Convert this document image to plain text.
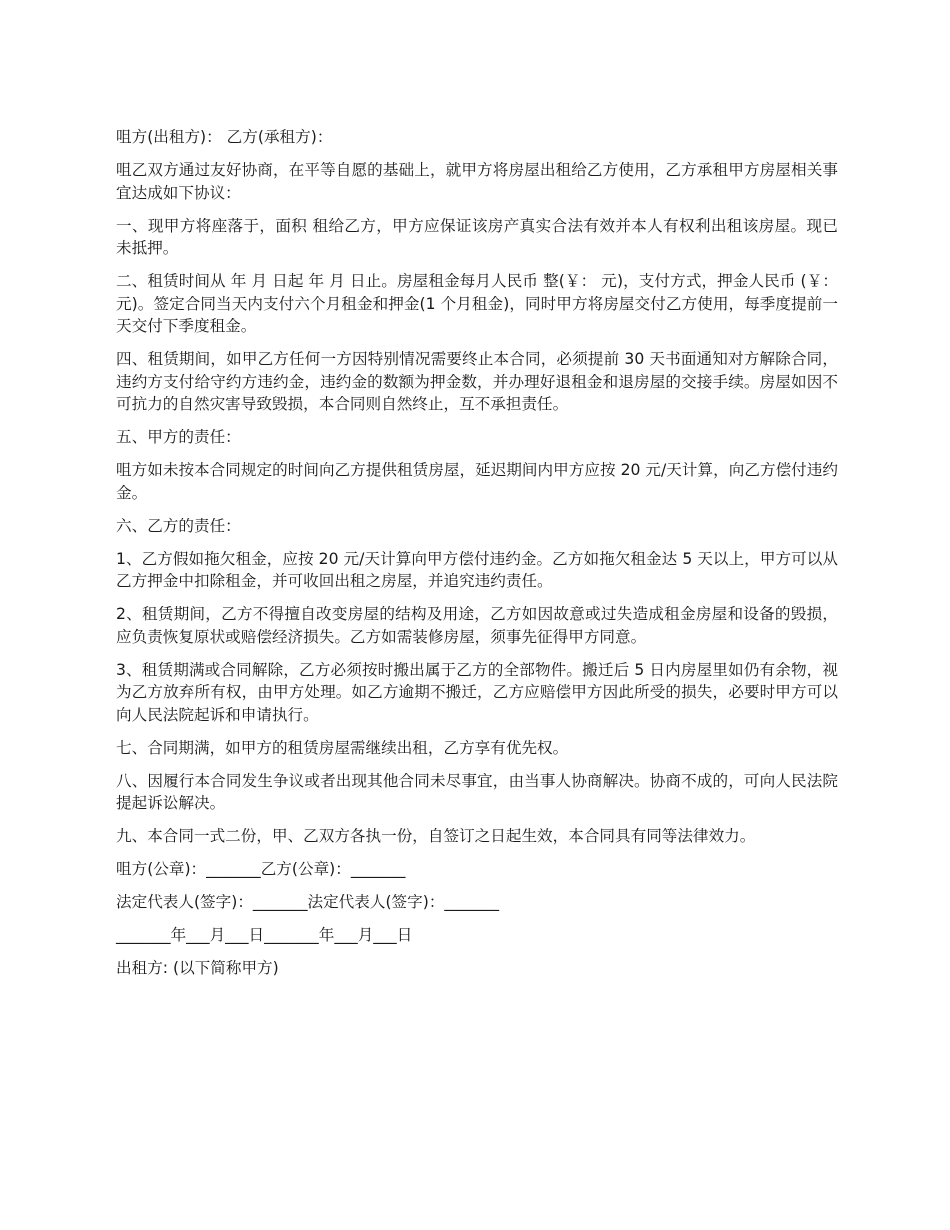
咀方(出租方)： 乙方(承租方)：

咀乙双方通过友好协商，在平等自愿的基础上，就甲方将房屋出租给乙方使用，乙方承租甲方房屋相关事宜达成如下协议：

一、现甲方将座落于，面积 租给乙方，甲方应保证该房产真实合法有效并本人有权利出租该房屋。现已未抵押。

二、租赁时间从 年 月 日起 年 月 日止。房屋租金每月人民币 整(￥： 元)，支付方式，押金人民币 (￥： 元)。签定合同当天内支付六个月租金和押金(1 个月租金)，同时甲方将房屋交付乙方使用，每季度提前一天交付下季度租金。

四、租赁期间，如甲乙方任何一方因特别情况需要终止本合同，必须提前 30 天书面通知对方解除合同，违约方支付给守约方违约金，违约金的数额为押金数，并办理好退租金和退房屋的交接手续。房屋如因不可抗力的自然灾害导致毁损，本合同则自然终止，互不承担责任。

五、甲方的责任：

咀方如未按本合同规定的时间向乙方提供租赁房屋，延迟期间内甲方应按 20 元/天计算，向乙方偿付违约金。

六、乙方的责任：

1、乙方假如拖欠租金，应按 20 元/天计算向甲方偿付违约金。乙方如拖欠租金达 5 天以上，甲方可以从乙方押金中扣除租金，并可收回出租之房屋，并追究违约责任。

2、租赁期间，乙方不得擅自改变房屋的结构及用途，乙方如因故意或过失造成租金房屋和设备的毁损，应负责恢复原状或赔偿经济损失。乙方如需装修房屋，须事先征得甲方同意。

3、租赁期满或合同解除，乙方必须按时搬出属于乙方的全部物件。搬迁后 5 日内房屋里如仍有余物，视为乙方放弃所有权，由甲方处理。如乙方逾期不搬迁，乙方应赔偿甲方因此所受的损失，必要时甲方可以向人民法院起诉和申请执行。

七、合同期满，如甲方的租赁房屋需继续出租，乙方享有优先权。

八、因履行本合同发生争议或者出现其他合同未尽事宜，由当事人协商解决。协商不成的，可向人民法院提起诉讼解决。

九、本合同一式二份，甲、乙双方各执一份，自签订之日起生效，本合同具有同等法律效力。

咀方(公章)：_______乙方(公章)：_______

法定代表人(签字)：_______法定代表人(签字)：_______

_______年___月___日_______年___月___日

出租方: (以下简称甲方)
